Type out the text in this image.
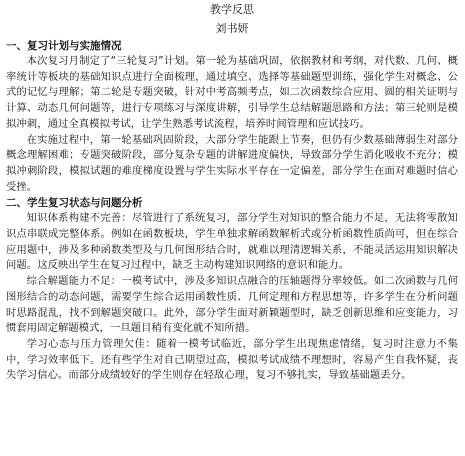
教学反思
刘书妍
一、复习计划与实施情况

本次复习月制定了“三轮复习”计划。第一轮为基础巩固，依据教材和考纲，对代数、几何、概率统计等板块的基础知识点进行全面梳理，通过填空、选择等基础题型训练，强化学生对概念、公式的记忆与理解；第二轮是专题突破，针对中考高频考点，如二次函数综合应用、圆的相关证明与计算、动态几何问题等，进行专项练习与深度讲解，引导学生总结解题思路和方法；第三轮则是模拟冲刺，通过全真模拟考试，让学生熟悉考试流程，培养时间管理和应试技巧。

在实施过程中，第一轮基础巩固阶段，大部分学生能跟上节奏，但仍有少数基础薄弱生对部分概念理解困难；专题突破阶段，部分复杂专题的讲解进度偏快，导致部分学生消化吸收不充分；模拟冲刺阶段，模拟试题的难度梯度设置与学生实际水平存在一定偏差，部分学生在面对难题时信心受挫。

二、学生复习状态与问题分析

知识体系构建不完善：尽管进行了系统复习，部分学生对知识的整合能力不足，无法将零散知识点串联成完整体系。例如在函数板块，学生单独求解函数解析式或分析函数性质尚可，但在综合应用题中，涉及多种函数类型及与几何图形结合时，就难以理清逻辑关系，不能灵活运用知识解决问题。这反映出学生在复习过程中，缺乏主动构建知识网络的意识和能力。

综合解题能力不足：一模考试中，涉及多知识点融合的压轴题得分率较低。如二次函数与几何图形结合的动态问题，需要学生综合运用函数性质、几何定理和方程思想等，许多学生在分析问题时思路混乱，找不到解题突破口。此外，部分学生面对新颖题型时，缺乏创新思维和应变能力，习惯套用固定解题模式，一旦题目稍有变化就不知所措。

学习心态与压力管理欠佳：随着一模考试临近，部分学生出现焦虑情绪，复习时注意力不集中，学习效率低下。还有些学生对自己期望过高，模拟考试成绩不理想时，容易产生自我怀疑，丧失学习信心。而部分成绩较好的学生则存在轻敌心理，复习不够扎实，导致基础题丢分。
